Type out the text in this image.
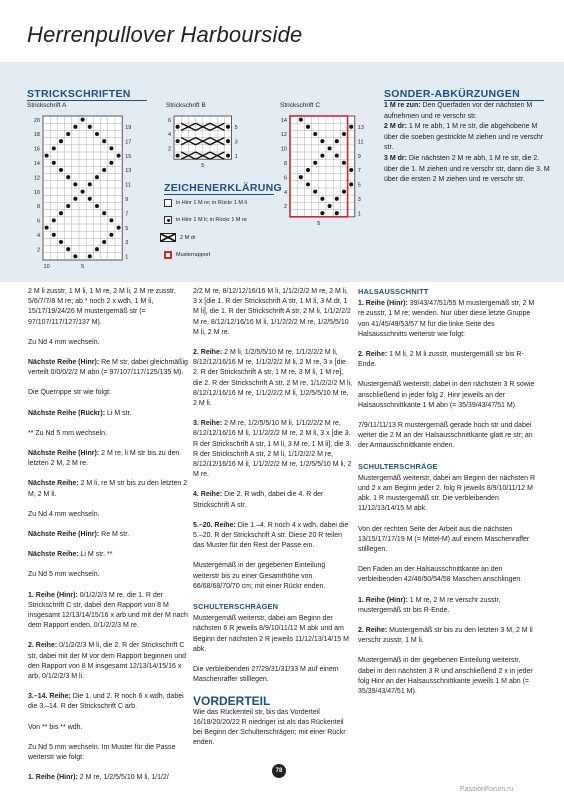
Herrenpullover Harbourside
STRICKSCHRIFTEN
Strickschrift A	Strickschrift B	Strickschrift C
20
18
16
14
12
10
8
6
4
2
19
17
15
13
11
9
7
5
3
1
10	5
6
4
2
5
3
1
5
14
12
10
8
6
4
2
13
11
9
7
5
3
1
5
ZEICHENERKLÄRUNG
in Hinr 1 M re; in Rückr 1 M li
in Hinr 1 M li; in Rückr 1 M re
2 M dr
Musterrapport
SONDER-ABKÜRZUNGEN
1 M re zun: Den Querfaden vor der nächsten M aufnehmen und re verschr str.
2 M dr: 1 M re abh, 1 M re str, die abgehobene M über die soeben gestrickte M ziehen und re verschr str.
3 M dr: Die nächsten 2 M re abh, 1 M re str, die 2. über die 1. M ziehen und re verschr str, dann die 3. M über die ersten 2 M ziehen und re verschr str.

2 M li zusstr, 1 M li, 1 M re, 2 M li, 2 M re zusstr, 5/6/7/7/8 M re; ab * noch 2 x wdh, 1 M li, 15/17/19/24/26 M mustergemäß str (= 97/107/117/127/137 M).

Zu Nd 4 mm wechseln.

Nächste Reihe (Hinr): Re M str, dabei gleichmäßig verteilt 0/0/0/2/2 M abn (= 97/107/117/125/135 M).

Die Querrippe str wie folgt:

Nächste Reihe (Rückr): Li M str.

** Zu Nd 5 mm wechseln.

Nächste Reihe (Hinr): 2 M re, li M str bis zu den letzten 2 M, 2 M re.

Nächste Reihe: 2 M li, re M str bis zu den letzten 2 M, 2 M li.

Zu Nd 4 mm wechseln.

Nächste Reihe (Hinr): Re M str.

Nächste Reihe: Li M str. **

Zu Nd 5 mm wechseln.

1. Reihe (Hinr): 0/1/2/2/3 M re, die 1. R der Strickschrift C str, dabei den Rapport von 8 M insgesamt 12/13/14/15/16 x arb und mit der M nach dem Rapport enden, 0/1/2/2/3 M re.

2. Reihe: 0/1/2/2/3 M li, die 2. R der Strickschrift C str, dabei mit der M vor dem Rapport beginnen und den Rapport von 8 M insgesamt 12/13/14/15/16 x arb, 0/1/2/2/3 M li.

3.–14. Reihe: Die 1. und 2. R noch 6 x wdh, dabei die 3.–14. R der Strickschrift C arb.

Von ** bis ** wdh.

Zu Nd 5 mm wechseln. Im Muster für die Passe weiterstr wie folgt:

1. Reihe (Hinr): 2 M re, 1/2/5/5/10 M li, 1/1/2/

2/2 M re, 8/12/12/16/16 M li, 1/1/2/2/2 M re, 2 M li, 3 x [die 1. R der Strickschrift A str, 1 M li, 3 M dr, 1 M li], die 1. R der Strickschrift A str, 2 M li, 1/1/2/2/2 M re, 8/12/12/16/16 M li, 1/1/2/2/2 M re, 1/2/5/5/10 M li, 2 M re.

2. Reihe: 2 M li, 1/2/5/5/10 M re, 1/1/2/2/2 M li, 8/12/12/16/16 M re, 1/1/2/2/2 M li, 2 M re, 3 x [die 2. R der Strickschrift A str, 1 M re, 3 M li, 1 M re], die 2. R der Strickschrift A str, 2 M re, 1/1/2/2/2 M li, 8/12/12/16/16 M re, 1/1/2/2/2 M li, 1/2/5/5/10 M re, 2 M li.

3. Reihe: 2 M re, 1/2/5/5/10 M li, 1/1/2/2/2 M re, 8/12/12/16/16 M li, 1/1/2/2/2 M re, 2 M li, 3 x [die 3. R der Strickschrift A str, 1 M li, 3 M re, 1 M li], die 3. R der Strickschrift A str, 2 M li, 1/1/2/2/2 M re, 8/12/12/16/16 M li, 1/1/2/2/2 M re, 1/2/5/5/10 M li, 2 M re.

4. Reihe: Die 2. R wdh, dabei die 4. R der Strickschrift A str.

5.–20. Reihe: Die 1.–4. R noch 4 x wdh, dabei die 5.–20. R der Strickschrift A str. Diese 20 R teilen das Muster für den Rest der Passe ein.

Mustergemäß in der gegebenen Einteilung weiterstr bis zu einer Gesamthöhe von 66/68/68/70/70 cm; mit einer Rückr enden.

SCHULTERSCHRÄGEN

Mustergemäß weiterstr, dabei am Beginn der nächsten 6 R jeweils 8/9/10/11/12 M abk und am Beginn der nächsten 2 R jeweils 11/12/13/14/15 M abk.

Die verbleibenden 27/29/31/31/33 M auf einem Maschenraffer stilllegen.

VORDERTEIL

Wie das Rückenteil str, bis das Vorderteil 16/18/20/20/22 R niedriger ist als das Rückenteil bei Beginn der Schulterschrägen; mit einer Rückr enden.

HALSAUSSCHNITT

1. Reihe (Hinr): 39/43/47/51/55 M mustergemäß str, 2 M re zusstr, 1 M re; wenden. Nur über diese letzte Gruppe von 41/45/49/53/57 M für die linke Seite des Halsausschnitts weiterstr wie folgt:

2. Reihe: 1 M li, 2 M li zusstr, mustergemäß str bis R-Ende.

Mustergemäß weiterstr, dabei in den nächsten 3 R sowie anschließend in jeder folg 2. Hinr jeweils an der Halsausschnittkante 1 M abn (= 35/39/43/47/51 M).

7/9/11/11/13 R mustergemäß gerade hoch str und dabei weiter die 2 M an der Halsausschnittkante glatt re str; an der Armausschnittkante enden.

SCHULTERSCHRÄGE

Mustergemäß weiterstr, dabei am Beginn der nächsten R und 2 x am Beginn jeder 2. folg R jeweils 8/9/10/11/12 M abk. 1 R mustergemäß str. Die verbleibenden 11/12/13/14/15 M abk.

Von der rechten Seite der Arbeit aus die nächsten 13/15/17/17/19 M (= Mittel-M) auf einem Maschenraffer stilllegen.

Den Faden an der Halsausschnittkante an den verbleibenden 42/46/50/54/58 Maschen anschlingen.

1. Reihe (Hinr): 1 M re, 2 M re verschr zusstr, mustergemäß str bis R-Ende.

2. Reihe: Mustergemäß str bis zu den letzten 3 M, 2 M li verschr zusstr, 1 M li.

Mustergemäß in der gegebenen Einteilung weiterstr, dabei in den nächsten 3 R und anschließend 2 x in jeder folg Hinr an der Halsausschnittkante jeweils 1 M abn (= 35/39/43/47/51 M).

78
PassionForum.ru
